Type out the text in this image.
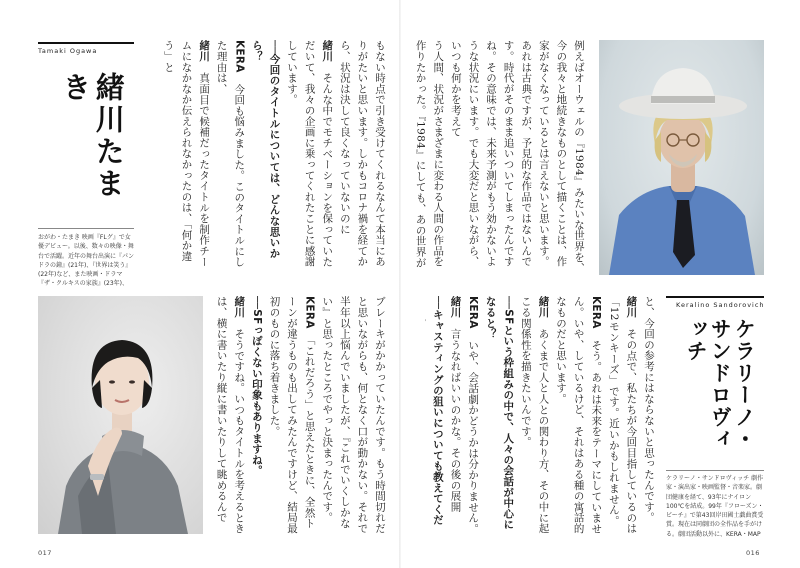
Tamaki Ogawa
緒川たまき
おがわ・たまき 映画『FLグ』で女優デビュー。以後、数々の映像・舞台で活躍。近年の舞台出演に『パンドラの鐘』(21年)、『世界は笑う』(22年)など、また映画・ドラマ『ザ・クルキスの家族』(23年)、

もない時点で引き受けてくれるなんて本当にありがたいと思います。しかもコロナ禍を経てから、状況は決して良くなっていないのに

緒川　そんな中でモチベーションを保っていただいて、我々の企画に乗ってくれたことに感謝しています。

──今回のタイトルについては、どんな思いから？

KERA　今回も悩みました。このタイトルにした理由は、

緒川　真面目で候補だったタイトルを制作チームになかなか伝えられなかったのは、「何か違う」と

ブレーキがかかっていたんです。もう時間切れだと思いながらも、何となく口が動かない。それで半年以上悩んでいましたが、『これでいくしかない』と思ったところでやっと決まったんです。

KERA　「これだろう」と思えたときに、全然トーンが違うものも出してみたんですけど、結局最初のものに落ち着きました。

──SFっぽくない印象もありますね。

緒川　そうですね。いつもタイトルを考えるときは、横に書いたり縦に書いたりして眺めるんで

017

例えばオーウェルの『1984』みたいな世界を、今の我々と地続きなものとして描くことは、作家がなくなっているとは言えないと思います。あれは古典ですが、予見的な作品ではないんです。時代がそのまま追いついてしまったんですね。その意味では、未来予測がもう効かないような状況にいます。でも大変だと思いながら、いつも何かを考えて

う人間、状況がさまざまに変わる人間の作品を作りたかった。『1984』にしても、あの世界が

と、今回の参考にはならないと思ったんです。

緒川　その点で、私たちが今回目指しているのは「12モンキーズ」です。近いかもしれません。

KERA　そう。あれは未来をテーマにしていません。いや、しているけど、それはある種の寓話的なものだと思います。

緒川　あくまで人と人との関わり方、その中に起こる関係性を描きたいんです。

──SFという枠組みの中で、人々の会話が中心になると？

KERA　いや、会話劇かどうかは分かりません。

緒川　言うなればいいのかな。その後の展開

──キャスティングの狙いについても教えてくだ

Keralino Sandorovich
ケラリーノ・
サンドロヴィッチ
ケラリーノ・サンドロヴィッチ 劇作家・演出家・映画監督・音楽家。劇団健康を経て、93年にナイロン100℃を結成。99年『フローズン・ビーチ』で第43回岸田國士戯曲賞受賞。現在は同劇団の全作品を手がける。劇団活動以外に、KERA・MAP
016
